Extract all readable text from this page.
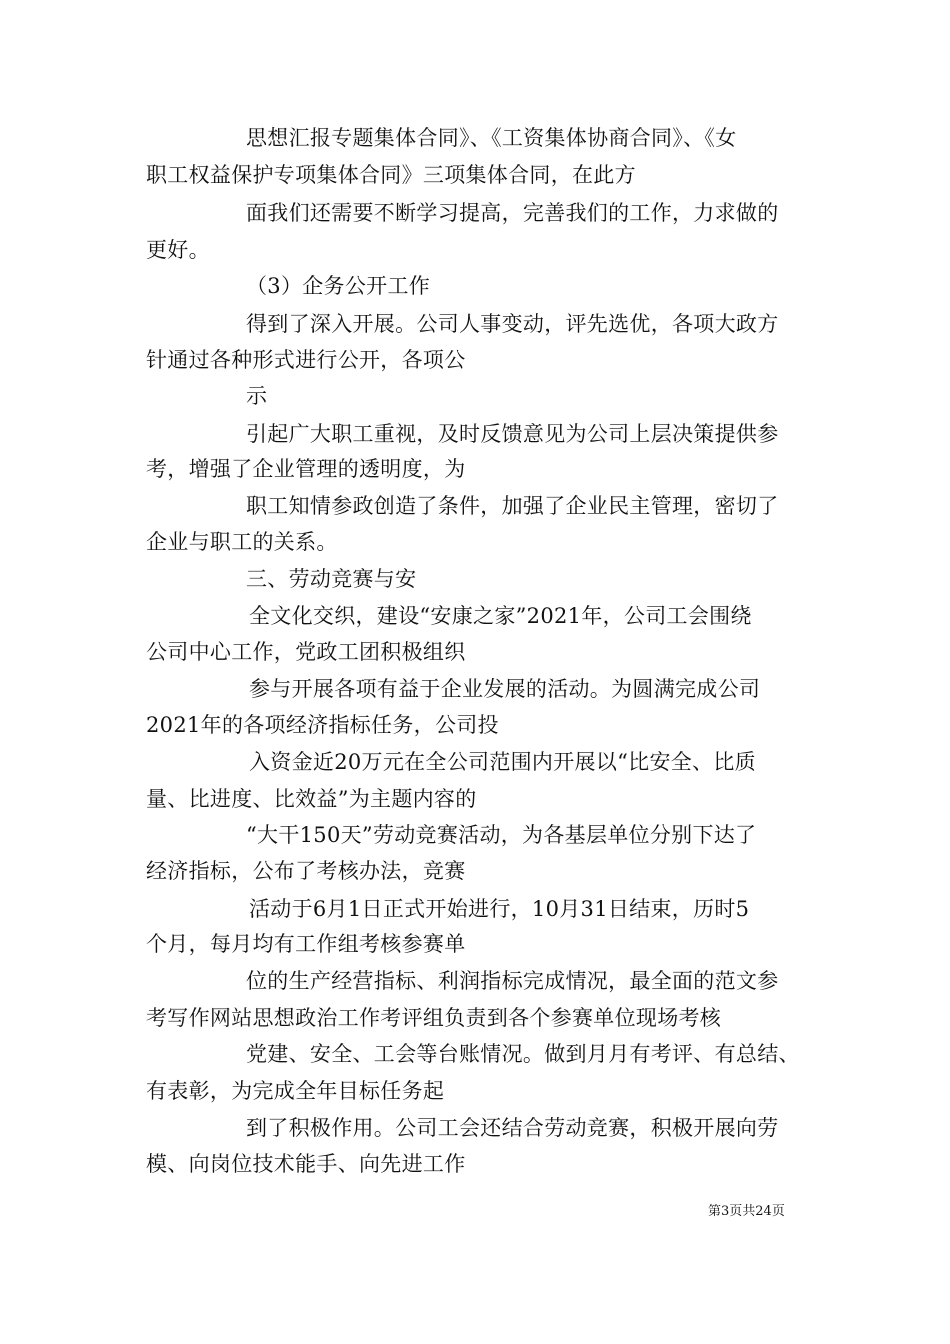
思想汇报专题集体合同》、《工资集体协商合同》、《女
职工权益保护专项集体合同》三项集体合同，在此方
面我们还需要不断学习提高，完善我们的工作，力求做的
更好。
（3）企务公开工作
得到了深入开展。公司人事变动，评先选优，各项大政方
针通过各种形式进行公开，各项公
示
引起广大职工重视，及时反馈意见为公司上层决策提供参
考，增强了企业管理的透明度，为
职工知情参政创造了条件，加强了企业民主管理，密切了
企业与职工的关系。
三、劳动竞赛与安
全文化交织，建设“安康之家”2021年，公司工会围绕
公司中心工作，党政工团积极组织
参与开展各项有益于企业发展的活动。为圆满完成公司
2021年的各项经济指标任务，公司投
入资金近20万元在全公司范围内开展以“比安全、比质
量、比进度、比效益”为主题内容的
“大干150天”劳动竞赛活动，为各基层单位分别下达了
经济指标，公布了考核办法，竞赛
活动于6月1日正式开始进行，10月31日结束，历时5
个月，每月均有工作组考核参赛单
位的生产经营指标、利润指标完成情况，最全面的范文参
考写作网站思想政治工作考评组负责到各个参赛单位现场考核
党建、安全、工会等台账情况。做到月月有考评、有总结、
有表彰，为完成全年目标任务起
到了积极作用。公司工会还结合劳动竞赛，积极开展向劳
模、向岗位技术能手、向先进工作
第3页共24页
